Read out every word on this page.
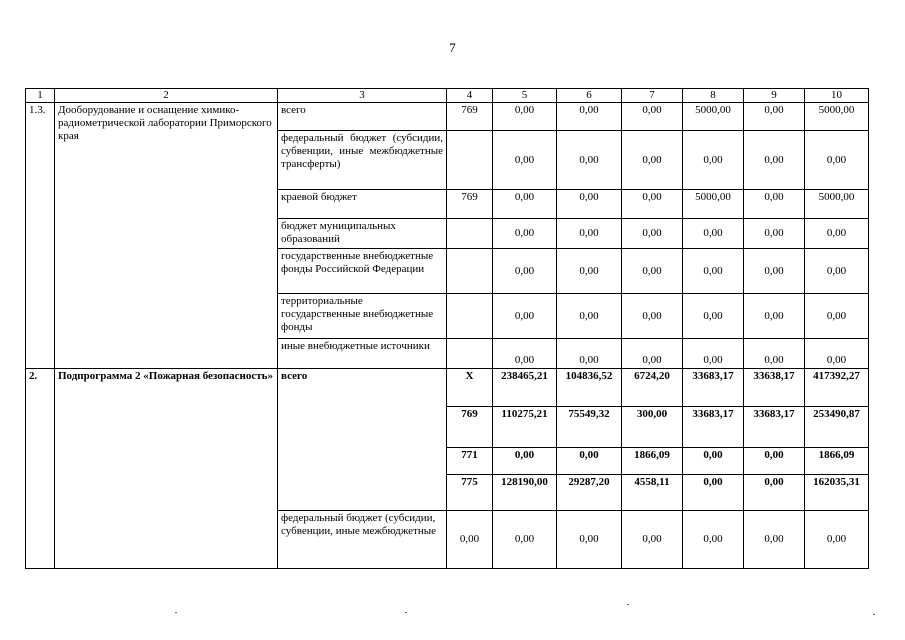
7
1	2	3	4	5	6	7	8	9	10
1.3.	Дооборудование и оснащение химико-радиометрической лаборатории Приморского края	всего	769	0,00	0,00	0,00	5000,00	0,00	5000,00
		федеральный бюджет (субсидии, субвенции, иные межбюджетные трансферты)		0,00	0,00	0,00	0,00	0,00	0,00
		краевой бюджет	769	0,00	0,00	0,00	5000,00	0,00	5000,00
		бюджет муниципальных образований		0,00	0,00	0,00	0,00	0,00	0,00
		государственные внебюджетные фонды Российской Федерации		0,00	0,00	0,00	0,00	0,00	0,00
		территориальные государственные внебюджетные фонды		0,00	0,00	0,00	0,00	0,00	0,00
		иные внебюджетные источники		0,00	0,00	0,00	0,00	0,00	0,00
2.	Подпрограмма 2 «Пожарная безопасность»	всего	Х	238465,21	104836,52	6724,20	33683,17	33638,17	417392,27
			769	110275,21	75549,32	300,00	33683,17	33683,17	253490,87
			771	0,00	0,00	1866,09	0,00	0,00	1866,09
			775	128190,00	29287,20	4558,11	0,00	0,00	162035,31
		федеральный бюджет (субсидии, субвенции, иные межбюджетные	0,00	0,00	0,00	0,00	0,00	0,00	0,00
